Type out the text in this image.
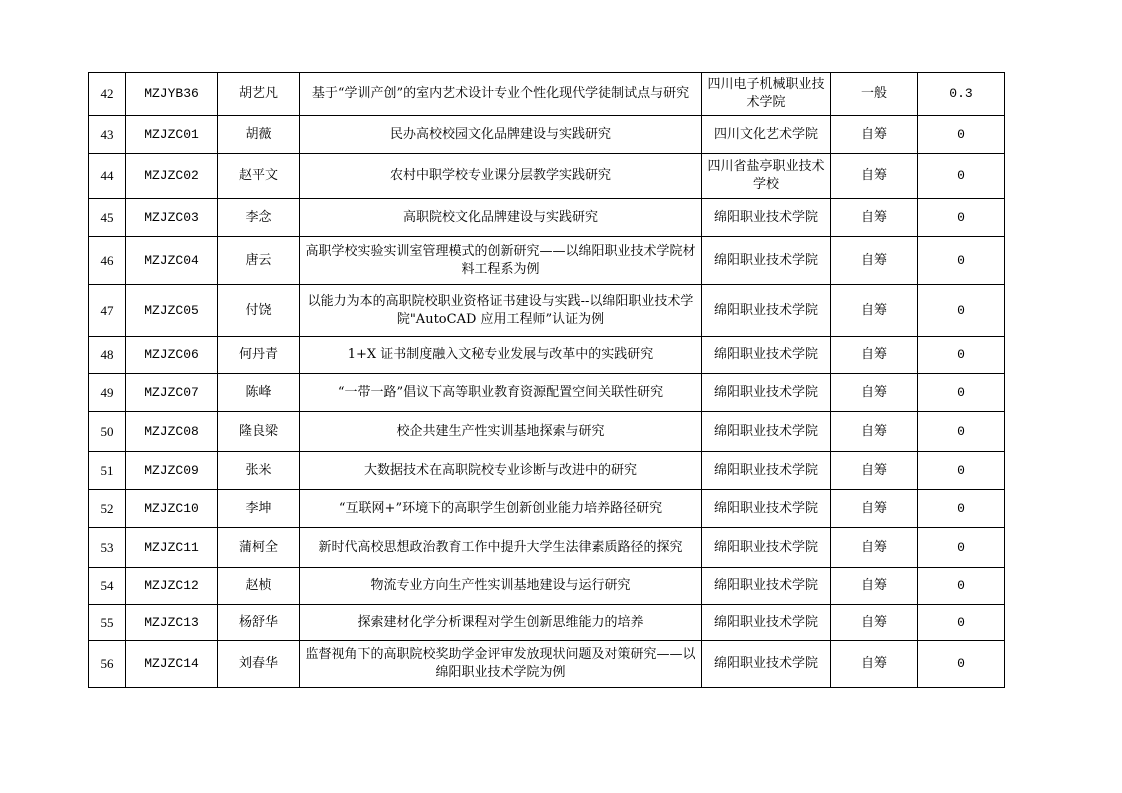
42	MZJYB36	胡艺凡	基于“学训产创”的室内艺术设计专业个性化现代学徒制试点与研究	四川电子机械职业技术学院	一般	0.3
43	MZJZC01	胡薇	民办高校校园文化品牌建设与实践研究	四川文化艺术学院	自筹	0
44	MZJZC02	赵平文	农村中职学校专业课分层教学实践研究	四川省盐亭职业技术学校	自筹	0
45	MZJZC03	李念	高职院校文化品牌建设与实践研究	绵阳职业技术学院	自筹	0
46	MZJZC04	唐云	高职学校实验实训室管理模式的创新研究——以绵阳职业技术学院材料工程系为例	绵阳职业技术学院	自筹	0
47	MZJZC05	付饶	以能力为本的高职院校职业资格证书建设与实践--以绵阳职业技术学院"AutoCAD 应用工程师”认证为例	绵阳职业技术学院	自筹	0
48	MZJZC06	何丹青	1+X 证书制度融入文秘专业发展与改革中的实践研究	绵阳职业技术学院	自筹	0
49	MZJZC07	陈峰	“一带一路”倡议下高等职业教育资源配置空间关联性研究	绵阳职业技术学院	自筹	0
50	MZJZC08	隆良梁	校企共建生产性实训基地探索与研究	绵阳职业技术学院	自筹	0
51	MZJZC09	张米	大数据技术在高职院校专业诊断与改进中的研究	绵阳职业技术学院	自筹	0
52	MZJZC10	李坤	“互联网+”环境下的高职学生创新创业能力培养路径研究	绵阳职业技术学院	自筹	0
53	MZJZC11	蒲柯全	新时代高校思想政治教育工作中提升大学生法律素质路径的探究	绵阳职业技术学院	自筹	0
54	MZJZC12	赵桢	物流专业方向生产性实训基地建设与运行研究	绵阳职业技术学院	自筹	0
55	MZJZC13	杨舒华	探索建材化学分析课程对学生创新思维能力的培养	绵阳职业技术学院	自筹	0
56	MZJZC14	刘春华	监督视角下的高职院校奖助学金评审发放现状问题及对策研究——以绵阳职业技术学院为例	绵阳职业技术学院	自筹	0
